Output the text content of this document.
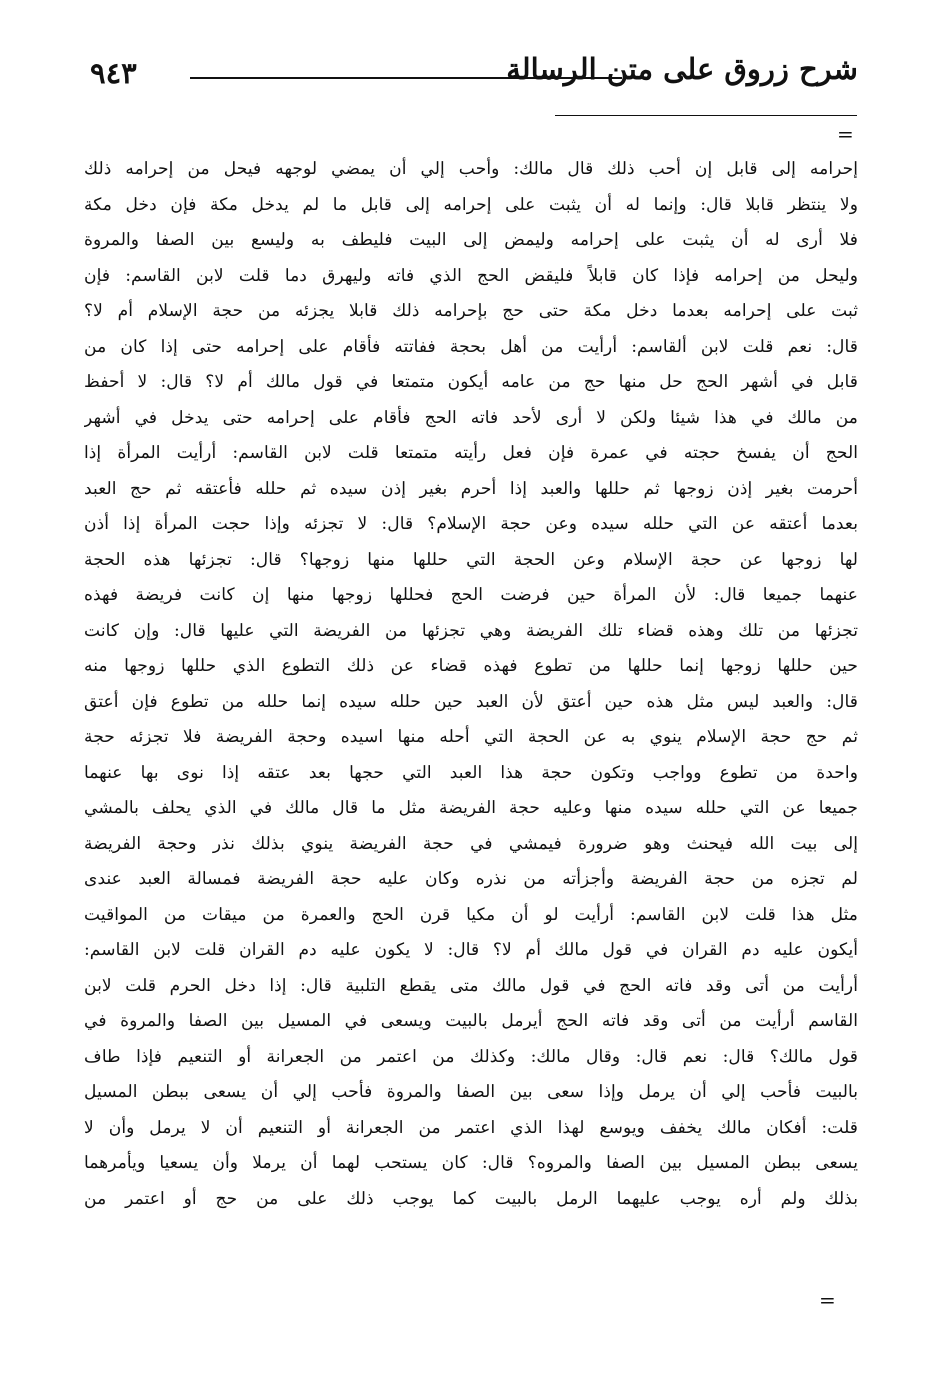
٩٤٣	شرح زروق على متن الرسالة
=
إحرامه إلى قابل إن أحب ذلك قال مالك: وأحب إلي أن يمضي لوجهه فيحل من إحرامه ذلك
ولا ينتظر قابلا قال: وإنما له أن يثبت على إحرامه إلى قابل ما لم يدخل مكة فإن دخل مكة
فلا أرى له أن يثبت على إحرامه وليمض إلى البيت فليطف به وليسع بين الصفا والمروة
وليحل من إحرامه فإذا كان قابلاً فليقض الحج الذي فاته وليهرق دما قلت لابن القاسم: فإن
ثبت على إحرامه بعدما دخل مكة حتى حج بإحرامه ذلك قابلا يجزئه من حجة الإسلام أم لا؟
قال: نعم قلت لابن ألقاسم: أرأيت من أهل بحجة ففاتته فأقام على إحرامه حتى إذا كان من
قابل في أشهر الحج حل منها حج من عامه أيكون متمتعا في قول مالك أم لا؟ قال: لا أحفظ
من مالك في هذا شيئا ولكن لا أرى لأحد فاته الحج فأقام على إحرامه حتى يدخل في أشهر
الحج أن يفسخ حجته في عمرة فإن فعل رأيته متمتعا قلت لابن القاسم: أرأيت المرأة إذا
أحرمت بغير إذن زوجها ثم حللها والعبد إذا أحرم بغير إذن سيده ثم حلله فأعتقه ثم حج العبد
بعدما أعتقه عن التي حلله سيده وعن حجة الإسلام؟ قال: لا تجزئه وإذا حجت المرأة إذا أذن
لها زوجها عن حجة الإسلام وعن الحجة التي حللها منها زوجها؟ قال: تجزئها هذه الحجة
عنهما جميعا قال: لأن المرأة حين فرضت الحج فحللها زوجها منها إن كانت فريضة فهذه
تجزئها من تلك وهذه قضاء تلك الفريضة وهي تجزئها من الفريضة التي عليها قال: وإن كانت
حين حللها زوجها إنما حللها من تطوع فهذه قضاء عن ذلك التطوع الذي حللها زوجها منه
قال: والعبد ليس مثل هذه حين أعتق لأن العبد حين حلله سيده إنما حلله من تطوع فإن أعتق
ثم حج حجة الإسلام ينوي به عن الحجة التي أحله منها اسيده وحجة الفريضة فلا تجزئه حجة
واحدة من تطوع وواجب وتكون حجة هذا العبد التي حجها بعد عتقه إذا نوى بها عنهما
جميعا عن التي حلله سيده منها وعليه حجة الفريضة مثل ما قال مالك في الذي يحلف بالمشي
إلى بيت الله فيحنث وهو ضرورة فيمشي في حجة الفريضة ينوي بذلك نذر وحجة الفريضة
لم تجزه من حجة الفريضة وأجزأته من نذره وكان عليه حجة الفريضة فمسالة العبد عندى
مثل هذا قلت لابن القاسم: أرأيت لو أن مكيا قرن الحج والعمرة من ميقات من المواقيت
أيكون عليه دم القران في قول مالك أم لا؟ قال: لا يكون عليه دم القران قلت لابن القاسم:
أرأيت من أتى وقد فاته الحج في قول مالك متى يقطع التلبية قال: إذا دخل الحرم قلت لابن
القاسم أرأيت من أتى وقد فاته الحج أيرمل بالبيت ويسعى في المسيل بين الصفا والمروة في
قول مالك؟ قال: نعم قال: وقال مالك: وكذلك من اعتمر من الجعرانة أو التنعيم فإذا طاف
بالبيت فأحب إلي أن يرمل وإذا سعى بين الصفا والمروة فأحب إلي أن يسعى ببطن المسيل
قلت: أفكان مالك يخفف ويوسع لهذا الذي اعتمر من الجعرانة أو التنعيم أن لا يرمل وأن لا
يسعى ببطن المسيل بين الصفا والمروه؟ قال: كان يستحب لهما أن يرملا وأن يسعيا ويأمرهما
بذلك ولم أره يوجب عليهما الرمل بالبيت كما يوجب ذلك على من حج أو اعتمر من
=
